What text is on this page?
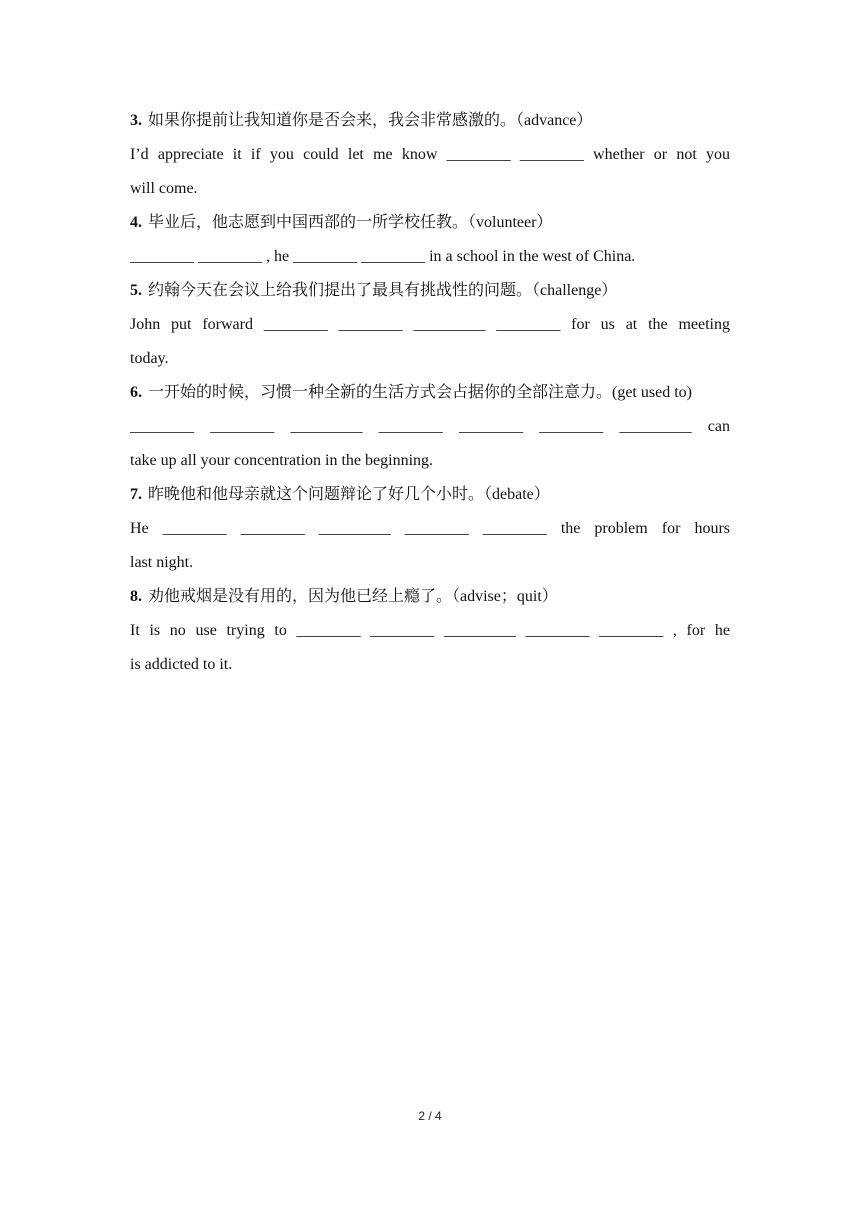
3. 如果你提前让我知道你是否会来，我会非常感激的。（advance）
I’d appreciate it if you could let me know ________ ________ whether or not you
will come.
4. 毕业后，他志愿到中国西部的一所学校任教。（volunteer）
________ ________ , he ________ ________ in a school in the west of China.
5. 约翰今天在会议上给我们提出了最具有挑战性的问题。（challenge）
John put forward ________ ________ _________ ________ for us at the meeting
today.
6. 一开始的时候，习惯一种全新的生活方式会占据你的全部注意力。(get used to)
________ ________ _________ ________ ________ ________ _________ can
take up all your concentration in the beginning.
7. 昨晚他和他母亲就这个问题辩论了好几个小时。（debate）
He ________ ________ _________ ________ ________ the problem for hours
last night.
8. 劝他戒烟是没有用的，因为他已经上瘾了。（advise；quit）
It is no use trying to ________ ________ _________ ________ ________ , for he
is addicted to it.
2 / 4
